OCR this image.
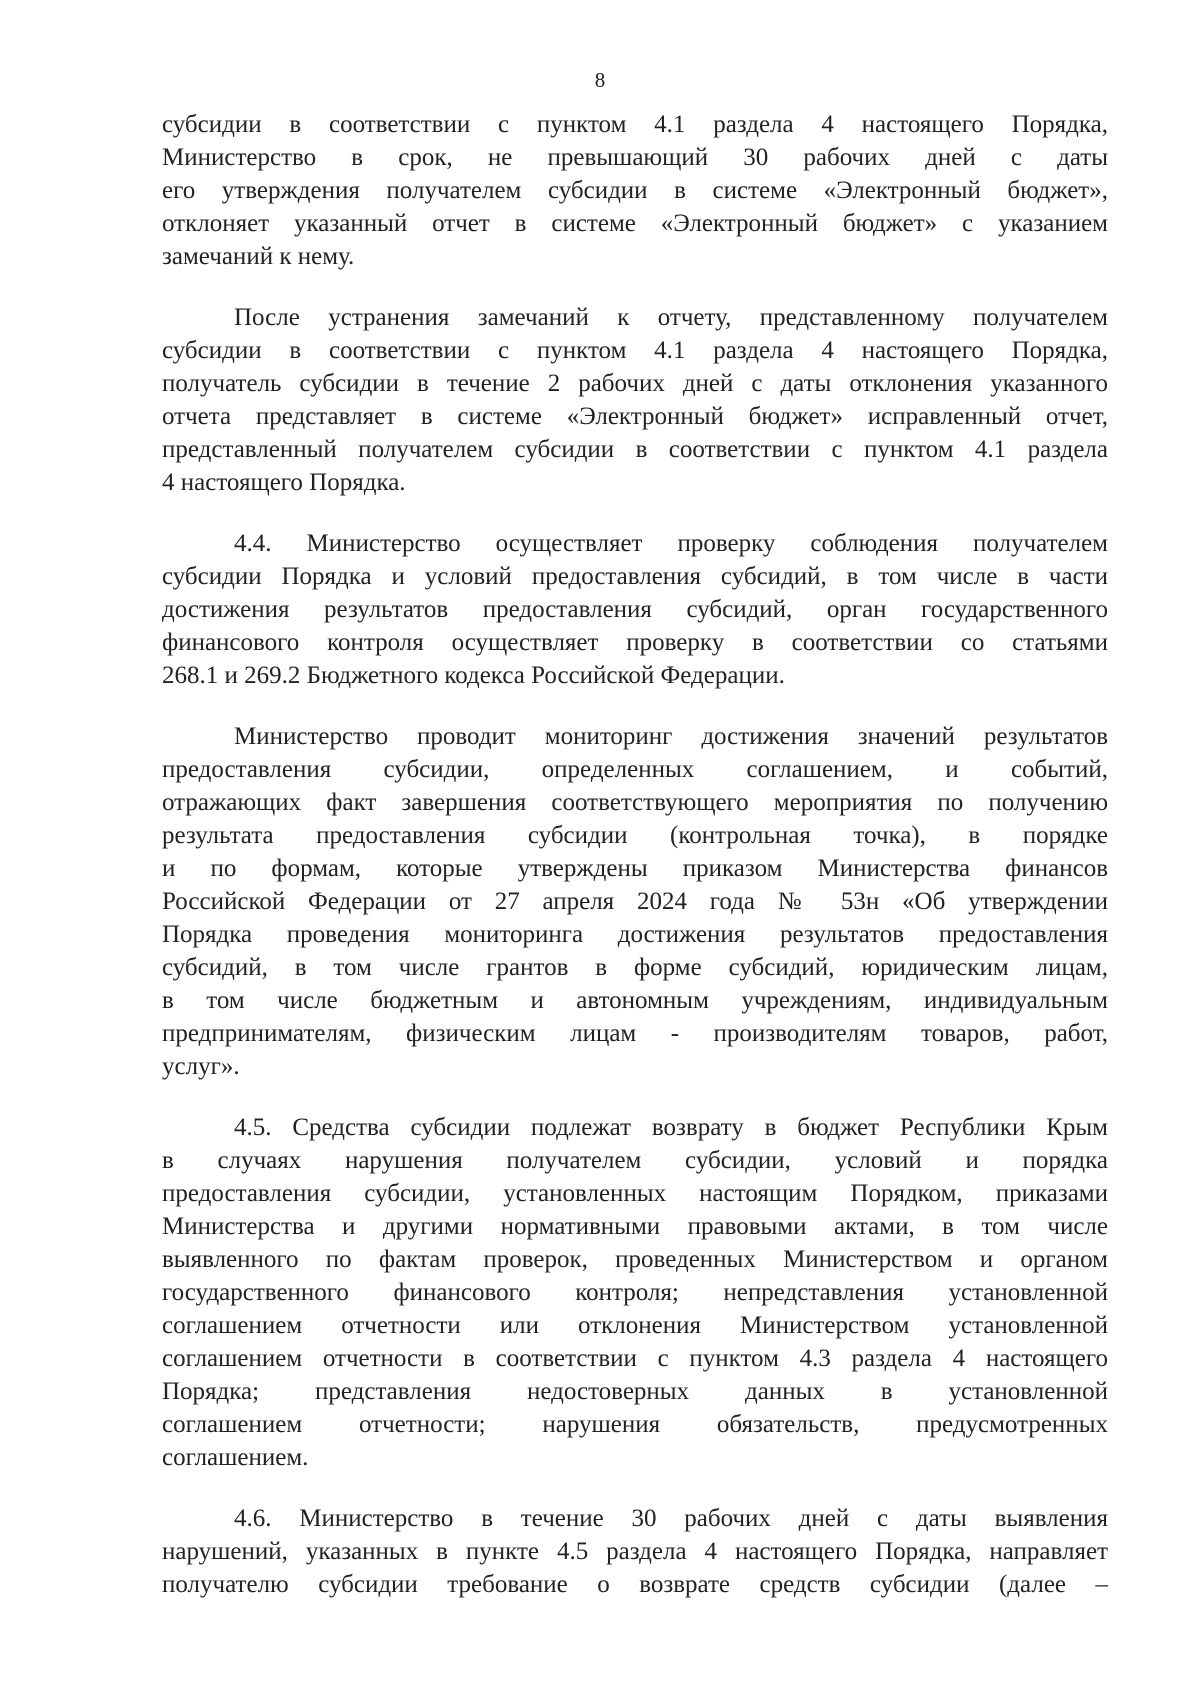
8

субсидии в соответствии с пунктом 4.1 раздела 4 настоящего Порядка,
Министерство в срок, не превышающий 30 рабочих дней с даты
его утверждения получателем субсидии в системе «Электронный бюджет»,
отклоняет указанный отчет в системе «Электронный бюджет» с указанием
замечаний к нему.

После устранения замечаний к отчету, представленному получателем
субсидии в соответствии с пунктом 4.1 раздела 4 настоящего Порядка,
получатель субсидии в течение 2 рабочих дней с даты отклонения указанного
отчета представляет в системе «Электронный бюджет» исправленный отчет,
представленный получателем субсидии в соответствии с пунктом 4.1 раздела
4 настоящего Порядка.

4.4. Министерство осуществляет проверку соблюдения получателем
субсидии Порядка и условий предоставления субсидий, в том числе в части
достижения результатов предоставления субсидий, орган государственного
финансового контроля осуществляет проверку в соответствии со статьями
268.1 и 269.2 Бюджетного кодекса Российской Федерации.

Министерство проводит мониторинг достижения значений результатов
предоставления субсидии, определенных соглашением, и событий,
отражающих факт завершения соответствующего мероприятия по получению
результата предоставления субсидии (контрольная точка), в порядке
и по формам, которые утверждены приказом Министерства финансов
Российской Федерации от 27 апреля 2024 года № 53н «Об утверждении
Порядка проведения мониторинга достижения результатов предоставления
субсидий, в том числе грантов в форме субсидий, юридическим лицам,
в том числе бюджетным и автономным учреждениям, индивидуальным
предпринимателям, физическим лицам - производителям товаров, работ,
услуг».

4.5. Средства субсидии подлежат возврату в бюджет Республики Крым
в случаях нарушения получателем субсидии, условий и порядка
предоставления субсидии, установленных настоящим Порядком, приказами
Министерства и другими нормативными правовыми актами, в том числе
выявленного по фактам проверок, проведенных Министерством и органом
государственного финансового контроля; непредставления установленной
соглашением отчетности или отклонения Министерством установленной
соглашением отчетности в соответствии с пунктом 4.3 раздела 4 настоящего
Порядка; представления недостоверных данных в установленной
соглашением отчетности; нарушения обязательств, предусмотренных
соглашением.

4.6. Министерство в течение 30 рабочих дней с даты выявления
нарушений, указанных в пункте 4.5 раздела 4 настоящего Порядка, направляет
получателю субсидии требование о возврате средств субсидии (далее –
